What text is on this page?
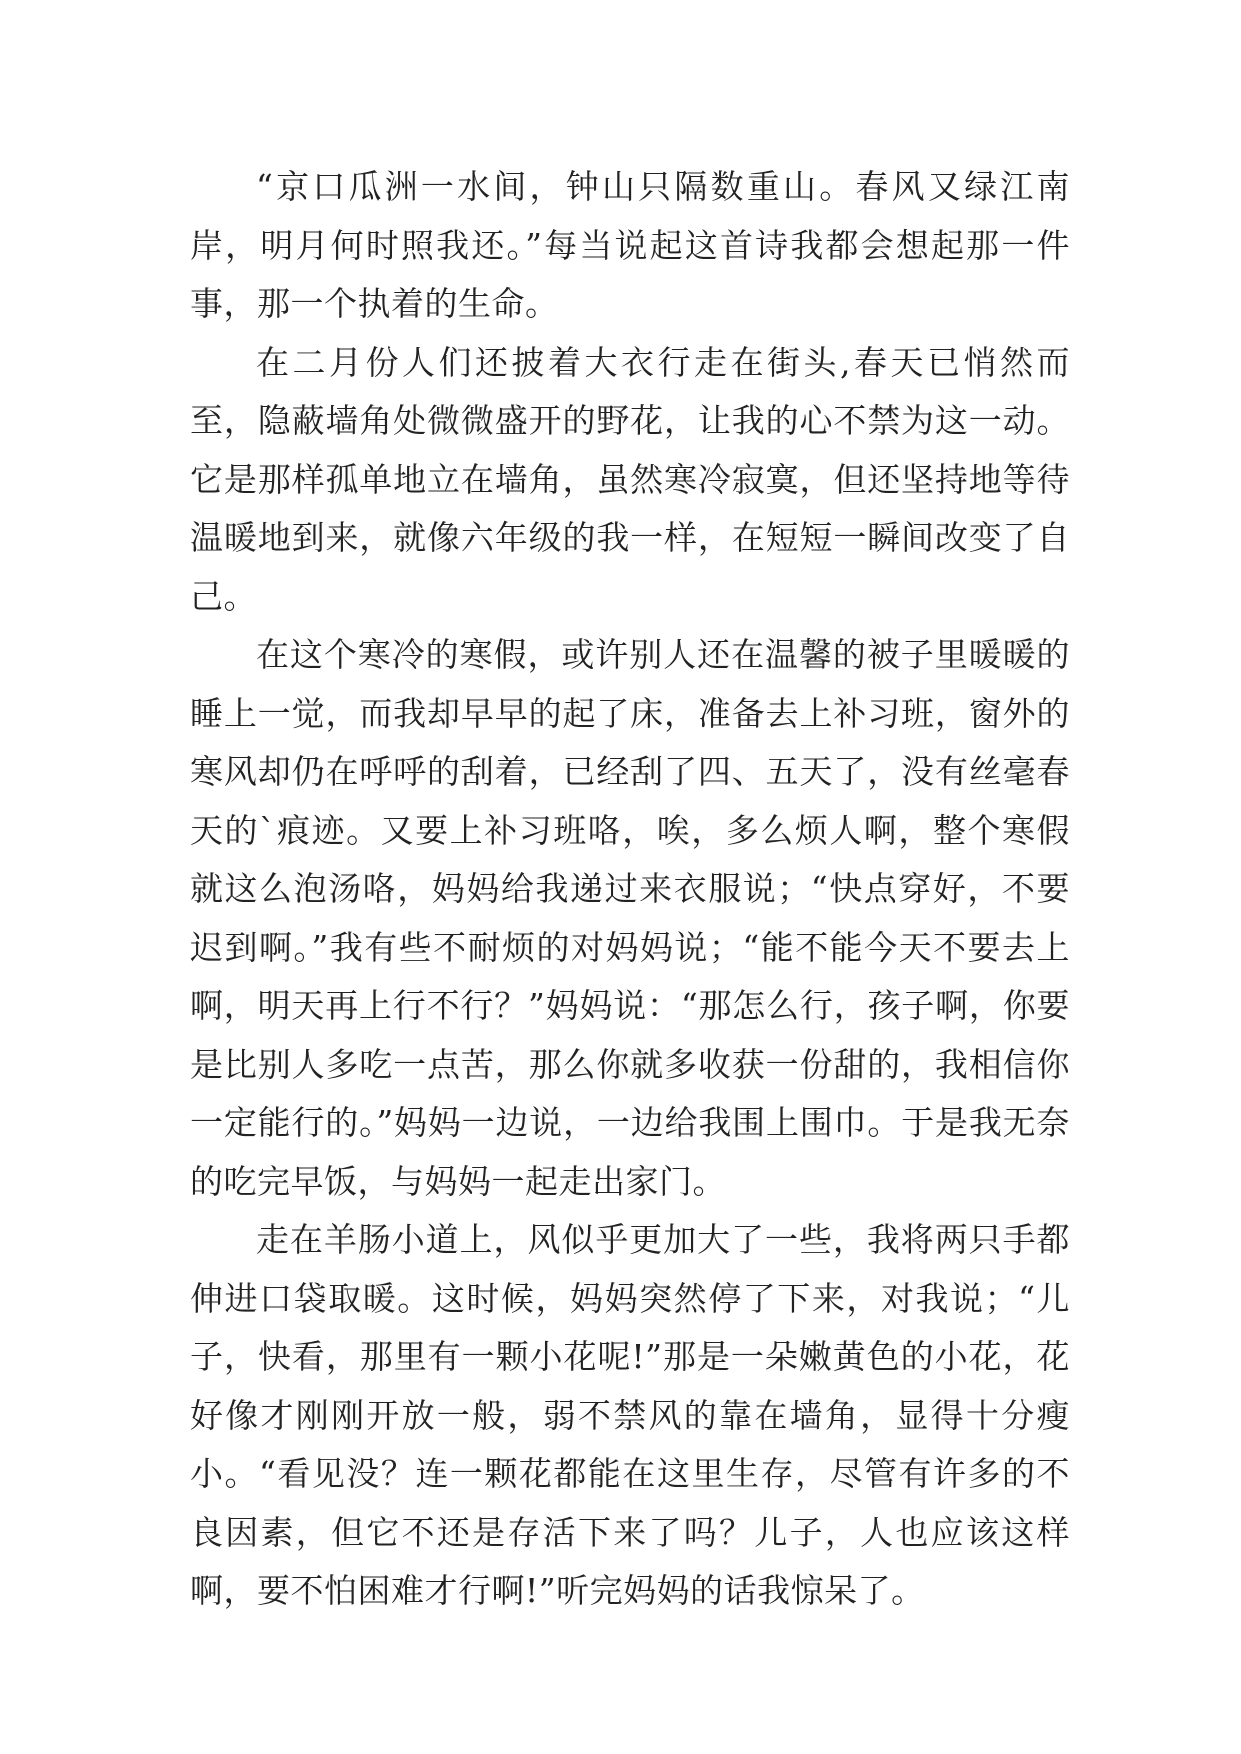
“京口瓜洲一水间，钟山只隔数重山。春风又绿江南岸，明月何时照我还。”每当说起这首诗我都会想起那一件事，那一个执着的生命。

在二月份人们还披着大衣行走在街头,春天已悄然而至，隐蔽墙角处微微盛开的野花，让我的心不禁为这一动。它是那样孤单地立在墙角，虽然寒冷寂寞，但还坚持地等待温暖地到来，就像六年级的我一样，在短短一瞬间改变了自己。

在这个寒冷的寒假，或许别人还在温馨的被子里暖暖的睡上一觉，而我却早早的起了床，准备去上补习班，窗外的寒风却仍在呼呼的刮着，已经刮了四、五天了，没有丝毫春天的`痕迹。又要上补习班咯，唉，多么烦人啊，整个寒假就这么泡汤咯，妈妈给我递过来衣服说；“快点穿好，不要迟到啊。”我有些不耐烦的对妈妈说；“能不能今天不要去上啊，明天再上行不行？”妈妈说：“那怎么行，孩子啊，你要是比别人多吃一点苦，那么你就多收获一份甜的，我相信你一定能行的。”妈妈一边说，一边给我围上围巾。于是我无奈的吃完早饭，与妈妈一起走出家门。

走在羊肠小道上，风似乎更加大了一些，我将两只手都伸进口袋取暖。这时候，妈妈突然停了下来，对我说；“儿子，快看，那里有一颗小花呢!”那是一朵嫩黄色的小花，花好像才刚刚开放一般，弱不禁风的靠在墙角，显得十分瘦小。“看见没？连一颗花都能在这里生存，尽管有许多的不良因素，但它不还是存活下来了吗？儿子，人也应该这样啊，要不怕困难才行啊!”听完妈妈的话我惊呆了。
